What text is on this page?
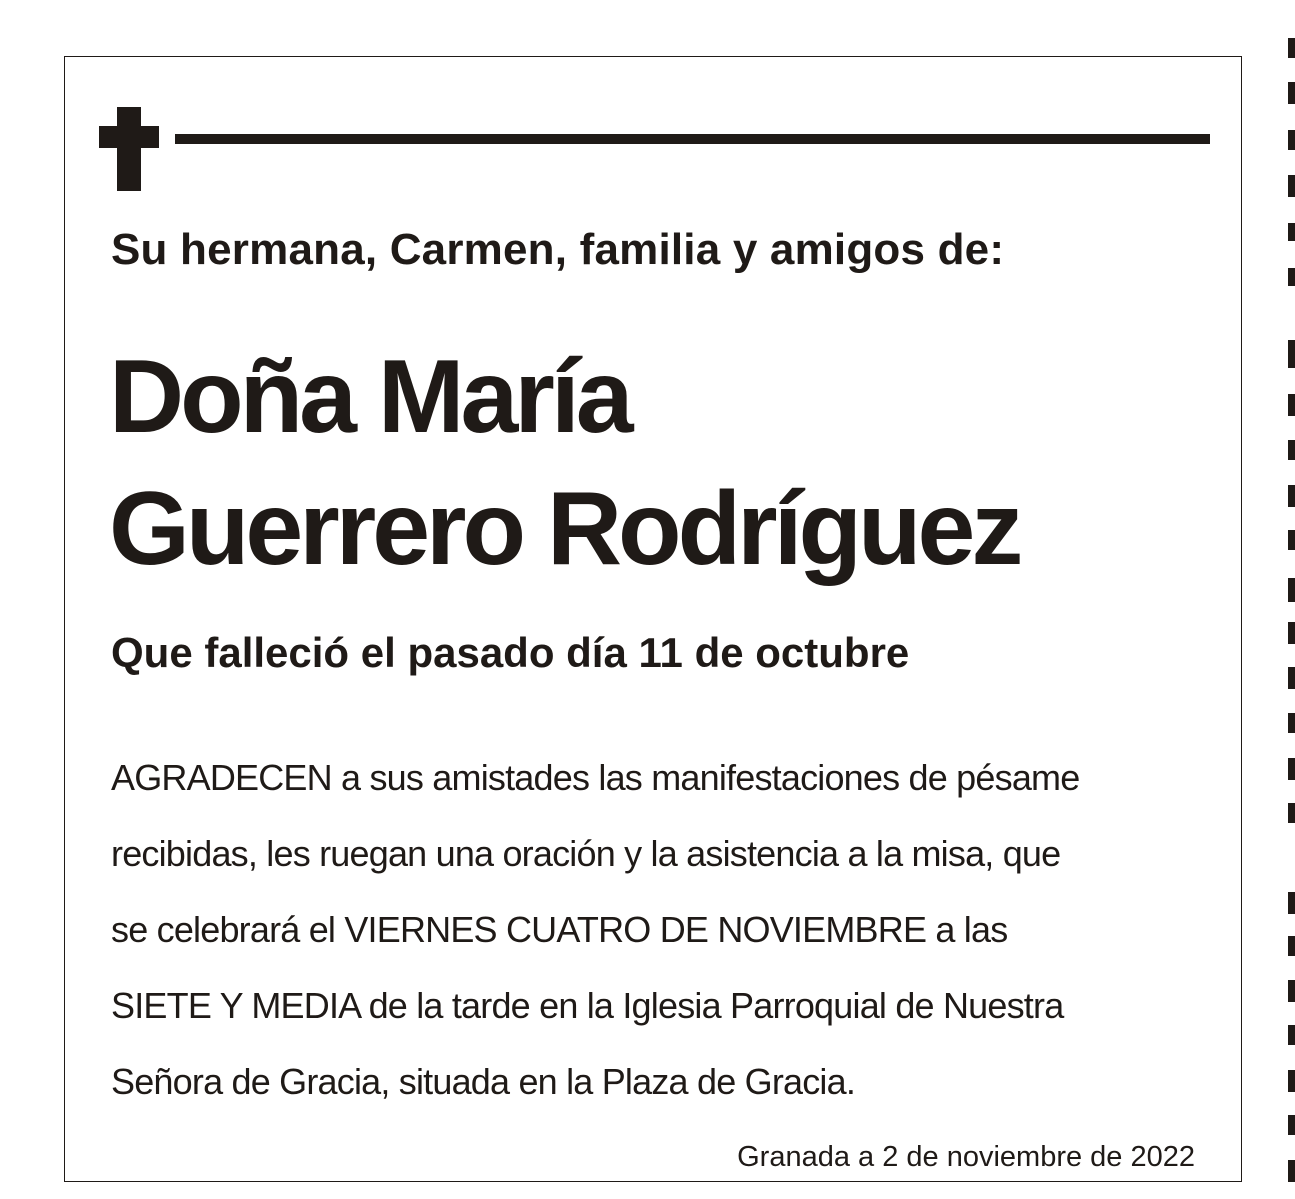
Su hermana, Carmen, familia y amigos de:
Doña María
Guerrero Rodríguez
Que falleció el pasado día 11 de octubre
AGRADECEN a sus amistades las manifestaciones de pésame
recibidas, les ruegan una oración y la asistencia a la misa, que
se celebrará el VIERNES CUATRO DE NOVIEMBRE a las
SIETE Y MEDIA de la tarde en la Iglesia Parroquial de Nuestra
Señora de Gracia, situada en la Plaza de Gracia.
Granada a 2 de noviembre de 2022
